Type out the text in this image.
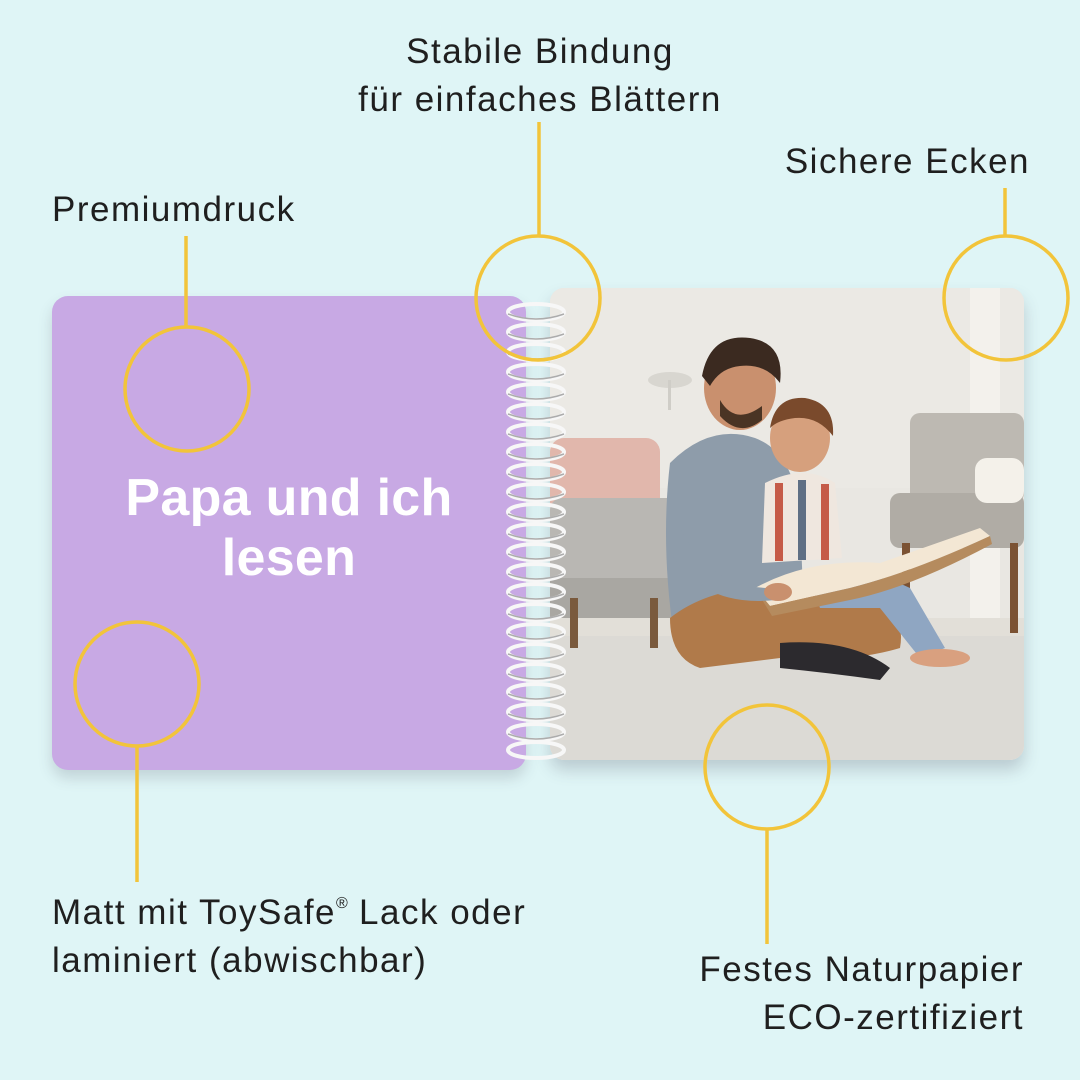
Stabile Bindung
für einfaches Blättern

Premiumdruck

Sichere Ecken

Matt mit ToySafe® Lack oder
laminiert (abwischbar)	Festes Naturpapier
ECO-zertifiziert

Papa und ich lesen
